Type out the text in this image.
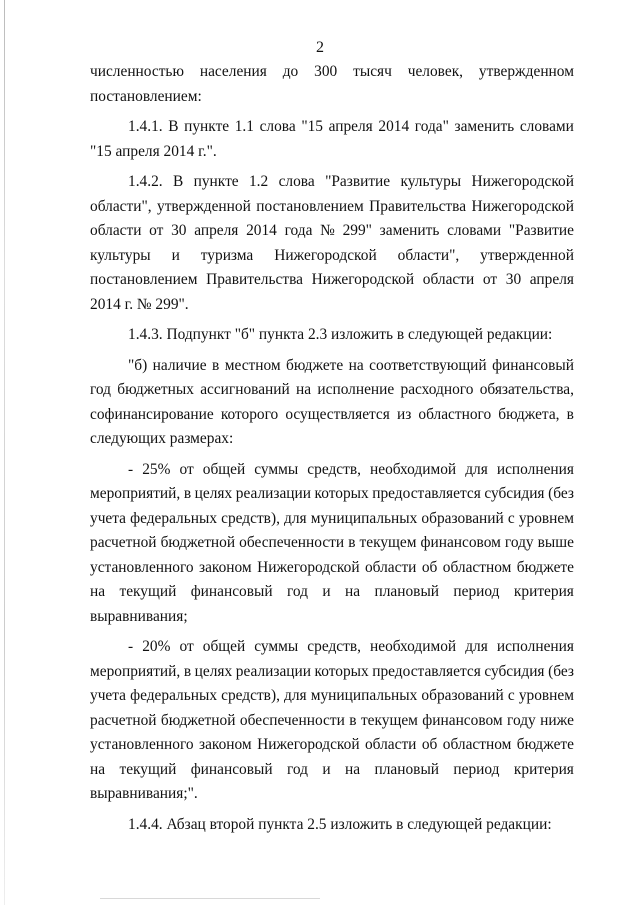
2
численностью населения до 300 тысяч человек, утвержденном
постановлением:
1.4.1. В пункте 1.1 слова "15 апреля 2014 года" заменить словами
"15 апреля 2014 г.".
1.4.2. В пункте 1.2 слова "Развитие культуры Нижегородской
области", утвержденной постановлением Правительства Нижегородской
области от 30 апреля 2014 года № 299" заменить словами "Развитие
культуры и туризма Нижегородской области", утвержденной
постановлением Правительства Нижегородской области от 30 апреля
2014 г. № 299".
1.4.3. Подпункт "б" пункта 2.3 изложить в следующей редакции:
"б) наличие в местном бюджете на соответствующий финансовый
год бюджетных ассигнований на исполнение расходного обязательства,
софинансирование которого осуществляется из областного бюджета, в
следующих размерах:
- 25% от общей суммы средств, необходимой для исполнения
мероприятий, в целях реализации которых предоставляется субсидия (без
учета федеральных средств), для муниципальных образований с уровнем
расчетной бюджетной обеспеченности в текущем финансовом году выше
установленного законом Нижегородской области об областном бюджете
на текущий финансовый год и на плановый период критерия
выравнивания;
- 20% от общей суммы средств, необходимой для исполнения
мероприятий, в целях реализации которых предоставляется субсидия (без
учета федеральных средств), для муниципальных образований с уровнем
расчетной бюджетной обеспеченности в текущем финансовом году ниже
установленного законом Нижегородской области об областном бюджете
на текущий финансовый год и на плановый период критерия
выравнивания;".
1.4.4. Абзац второй пункта 2.5 изложить в следующей редакции:
